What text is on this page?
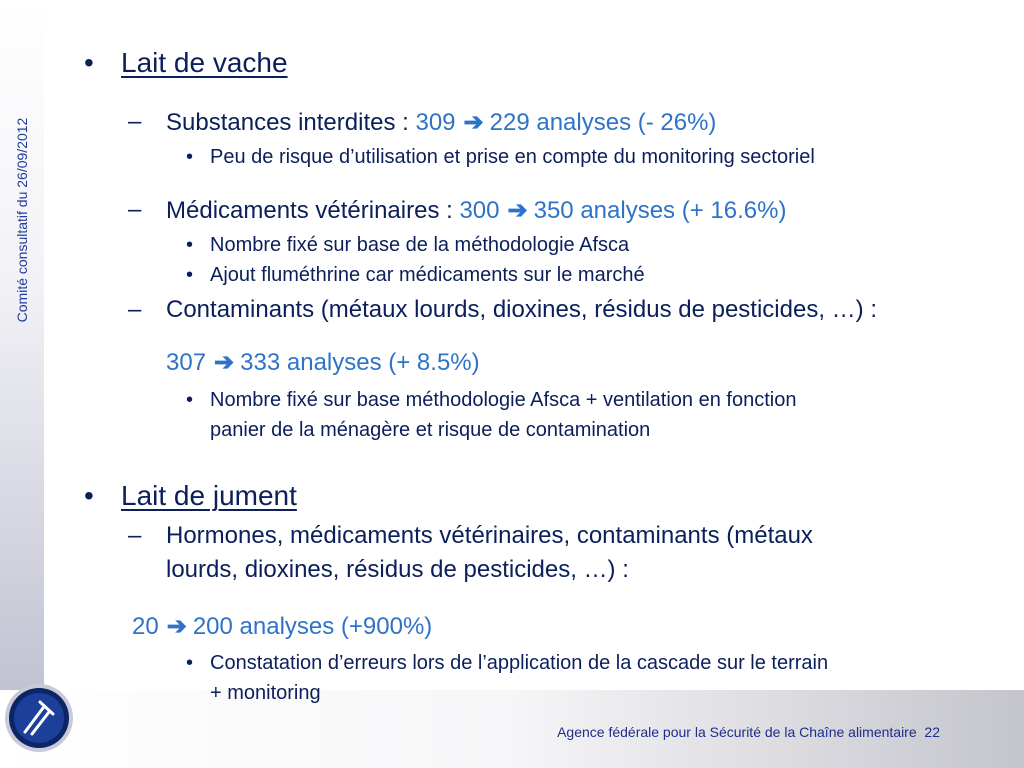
Comité consultatif du 26/09/2012
Agence fédérale pour la Sécurité de la Chaîne alimentaire 22
• Lait de vache
– Substances interdites : 309 ➔ 229 analyses (- 26%)
• Peu de risque d’utilisation et prise en compte du monitoring sectoriel
– Médicaments vétérinaires : 300 ➔ 350 analyses (+ 16.6%)
• Nombre fixé sur base de la méthodologie Afsca
• Ajout fluméthrine car médicaments sur le marché
– Contaminants (métaux lourds, dioxines, résidus de pesticides, …) :
307 ➔ 333 analyses (+ 8.5%)
• Nombre fixé sur base méthodologie Afsca + ventilation en fonction
panier de la ménagère et risque de contamination
• Lait de jument
– Hormones, médicaments vétérinaires, contaminants (métaux
lourds, dioxines, résidus de pesticides, …) :
20 ➔ 200 analyses (+900%)
• Constatation d’erreurs lors de l’application de la cascade sur le terrain
+ monitoring
